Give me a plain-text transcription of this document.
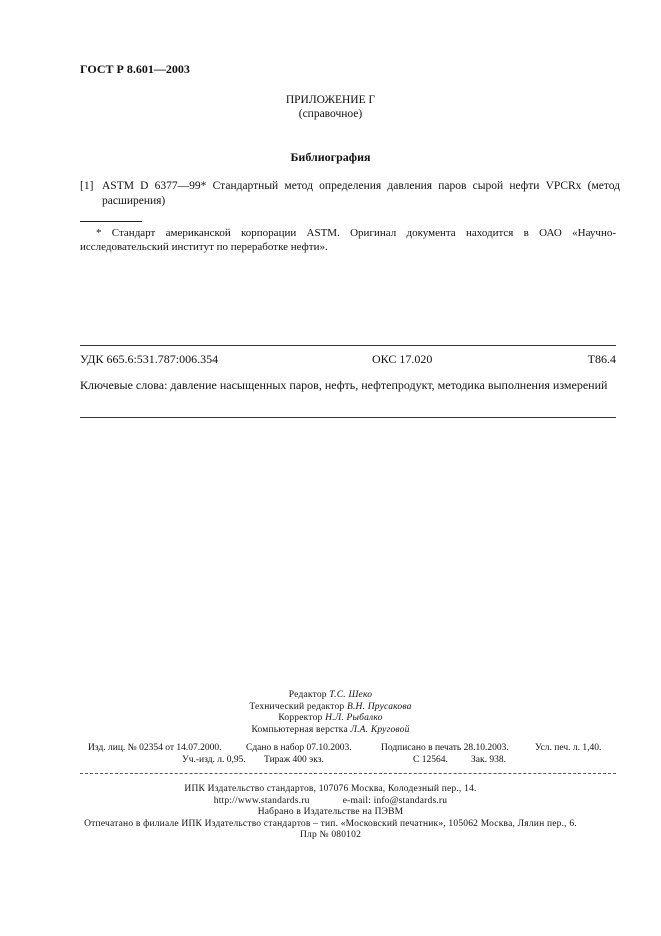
ГОСТ Р 8.601—2003
ПРИЛОЖЕНИЕ Г
(справочное)
Библиография
[1] ASTM D 6377—99* Стандартный метод определения давления паров сырой нефти VPCRx (метод расширения)
* Стандарт американской корпорации ASTM. Оригинал документа находится в ОАО «Научно-исследовательский институт по переработке нефти».
УДК 665.6:531.787:006.354	ОКС 17.020	Т86.4
Ключевые слова: давление насыщенных паров, нефть, нефтепродукт, методика выполнения измерений
Редактор Т.С. Шеко
Технический редактор В.Н. Прусакова
Корректор Н.Л. Рыбалко
Компьютерная верстка Л.А. Круговой
Изд. лиц. № 02354 от 14.07.2000.	Сдано в набор 07.10.2003.	Подписано в печать 28.10.2003.	Усл. печ. л. 1,40.
Уч.-изд. л. 0,95. Тираж 400 экз.	С 12564. Зак. 938.
ИПК Издательство стандартов, 107076 Москва, Колодезный пер., 14.
http://www.standards.ru	e-mail: info@standards.ru
Набрано в Издательстве на ПЭВМ
Отпечатано в филиале ИПК Издательство стандартов – тип. «Московский печатник», 105062 Москва, Лялин пер., 6.
Плр № 080102
